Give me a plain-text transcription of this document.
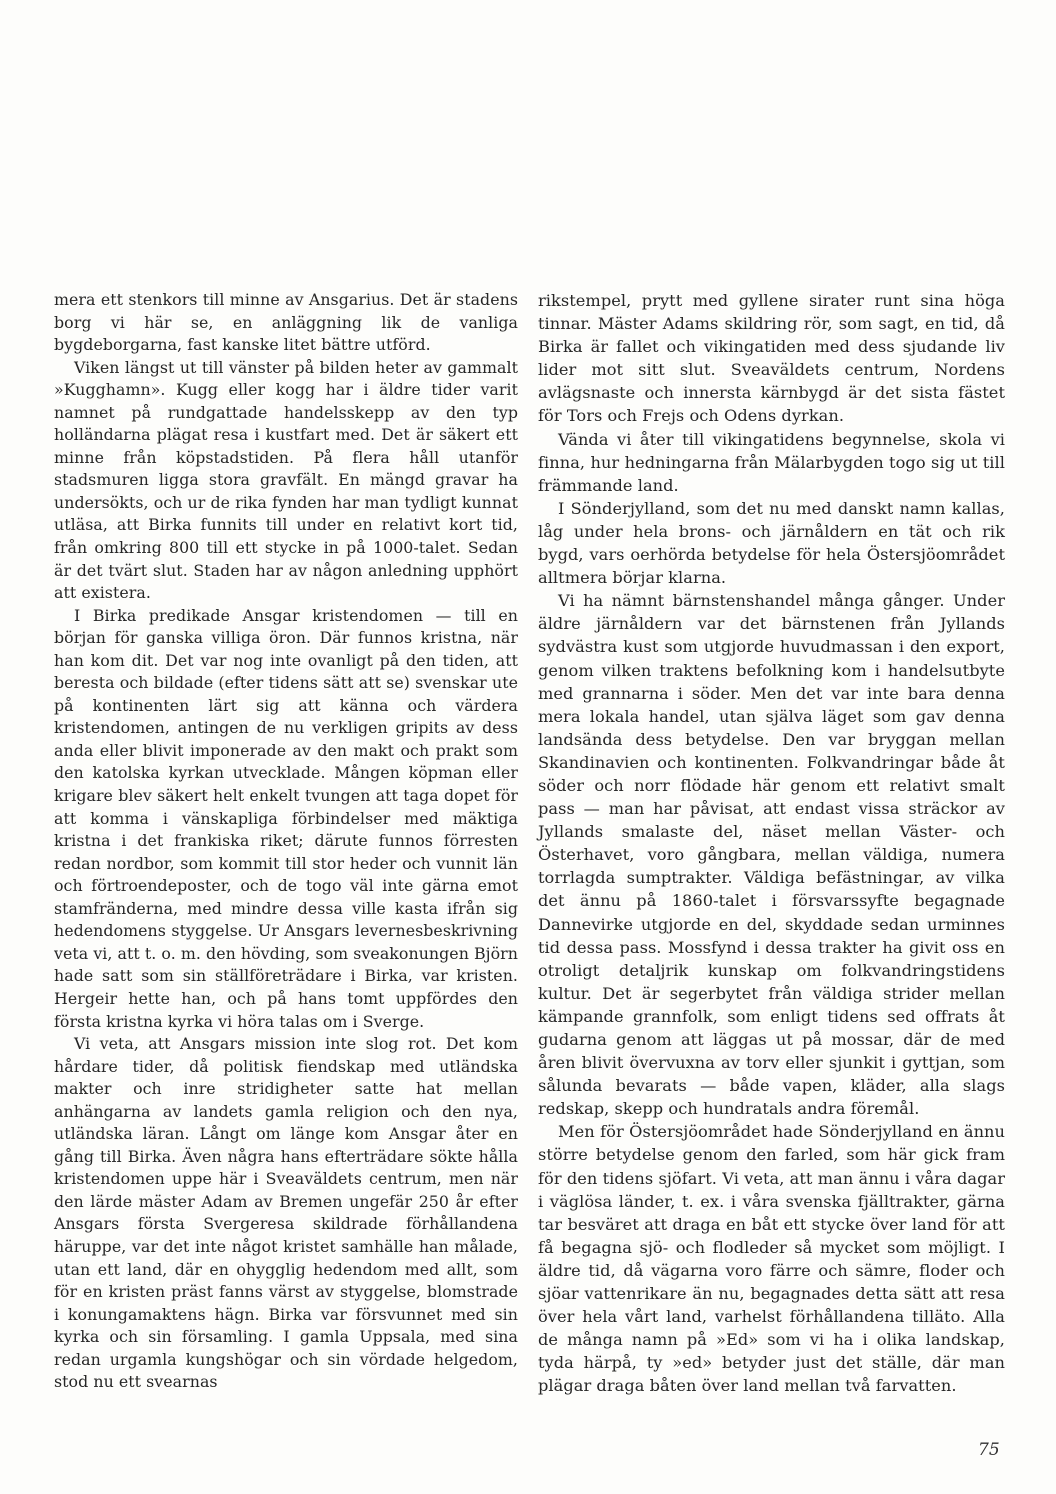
mera ett stenkors till minne av Ansgarius. Det är stadens borg vi här se, en anläggning lik de vanliga bygdeborgarna, fast kanske litet bättre utförd.

Viken längst ut till vänster på bilden heter av gammalt »Kugghamn». Kugg eller kogg har i äldre tider varit namnet på rundgattade handelsskepp av den typ holländarna plägat resa i kustfart med. Det är säkert ett minne från köpstadstiden. På flera håll utanför stadsmuren ligga stora gravfält. En mängd gravar ha undersökts, och ur de rika fynden har man tydligt kunnat utläsa, att Birka funnits till under en relativt kort tid, från omkring 800 till ett stycke in på 1000-talet. Sedan är det tvärt slut. Staden har av någon anledning upphört att existera.

I Birka predikade Ansgar kristendomen — till en början för ganska villiga öron. Där funnos kristna, när han kom dit. Det var nog inte ovanligt på den tiden, att beresta och bildade (efter tidens sätt att se) svenskar ute på kontinenten lärt sig att känna och värdera kristendomen, antingen de nu verkligen gripits av dess anda eller blivit imponerade av den makt och prakt som den katolska kyrkan utvecklade. Mången köpman eller krigare blev säkert helt enkelt tvungen att taga dopet för att komma i vänskapliga förbindelser med mäktiga kristna i det frankiska riket; därute funnos förresten redan nordbor, som kommit till stor heder och vunnit län och förtroendeposter, och de togo väl inte gärna emot stamfränderna, med mindre dessa ville kasta ifrån sig hedendomens styggelse. Ur Ansgars levernesbeskrivning veta vi, att t. o. m. den hövding, som sveakonungen Björn hade satt som sin ställföreträdare i Birka, var kristen. Hergeir hette han, och på hans tomt uppfördes den första kristna kyrka vi höra talas om i Sverge.

Vi veta, att Ansgars mission inte slog rot. Det kom hårdare tider, då politisk fiendskap med utländska makter och inre stridigheter satte hat mellan anhängarna av landets gamla religion och den nya, utländska läran. Långt om länge kom Ansgar åter en gång till Birka. Även några hans efterträdare sökte hålla kristendomen uppe här i Sveaväldets centrum, men när den lärde mäster Adam av Bremen ungefär 250 år efter Ansgars första Svergeresa skildrade förhållandena häruppe, var det inte något kristet samhälle han målade, utan ett land, där en ohygglig hedendom med allt, som för en kristen präst fanns värst av styggelse, blomstrade i konungamaktens hägn. Birka var försvunnet med sin kyrka och sin församling. I gamla Uppsala, med sina redan urgamla kungshögar och sin vördade helgedom, stod nu ett svearnas

rikstempel, prytt med gyllene sirater runt sina höga tinnar. Mäster Adams skildring rör, som sagt, en tid, då Birka är fallet och vikingatiden med dess sjudande liv lider mot sitt slut. Sveaväldets centrum, Nordens avlägsnaste och innersta kärnbygd är det sista fästet för Tors och Frejs och Odens dyrkan.

Vända vi åter till vikingatidens begynnelse, skola vi finna, hur hedningarna från Mälarbygden togo sig ut till främmande land.

I Sönderjylland, som det nu med danskt namn kallas, låg under hela brons- och järnåldern en tät och rik bygd, vars oerhörda betydelse för hela Östersjöområdet alltmera börjar klarna.

Vi ha nämnt bärnstenshandel många gånger. Under äldre järnåldern var det bärnstenen från Jyllands sydvästra kust som utgjorde huvudmassan i den export, genom vilken traktens befolkning kom i handelsutbyte med grannarna i söder. Men det var inte bara denna mera lokala handel, utan själva läget som gav denna landsända dess betydelse. Den var bryggan mellan Skandinavien och kontinenten. Folkvandringar både åt söder och norr flödade här genom ett relativt smalt pass — man har påvisat, att endast vissa sträckor av Jyllands smalaste del, näset mellan Väster- och Österhavet, voro gångbara, mellan väldiga, numera torrlagda sumptrakter. Väldiga befästningar, av vilka det ännu på 1860-talet i försvarssyfte begagnade Dannevirke utgjorde en del, skyddade sedan urminnes tid dessa pass. Mossfynd i dessa trakter ha givit oss en otroligt detaljrik kunskap om folkvandringstidens kultur. Det är segerbytet från väldiga strider mellan kämpande grannfolk, som enligt tidens sed offrats åt gudarna genom att läggas ut på mossar, där de med åren blivit övervuxna av torv eller sjunkit i gyttjan, som sålunda bevarats — både vapen, kläder, alla slags redskap, skepp och hundratals andra föremål.

Men för Östersjöområdet hade Sönderjylland en ännu större betydelse genom den farled, som här gick fram för den tidens sjöfart. Vi veta, att man ännu i våra dagar i väglösa länder, t. ex. i våra svenska fjälltrakter, gärna tar besväret att draga en båt ett stycke över land för att få begagna sjö- och flodleder så mycket som möjligt. I äldre tid, då vägarna voro färre och sämre, floder och sjöar vattenrikare än nu, begagnades detta sätt att resa över hela vårt land, varhelst förhållandena tilläto. Alla de många namn på »Ed» som vi ha i olika landskap, tyda härpå, ty »ed» betyder just det ställe, där man plägar draga båten över land mellan två farvatten.

75
